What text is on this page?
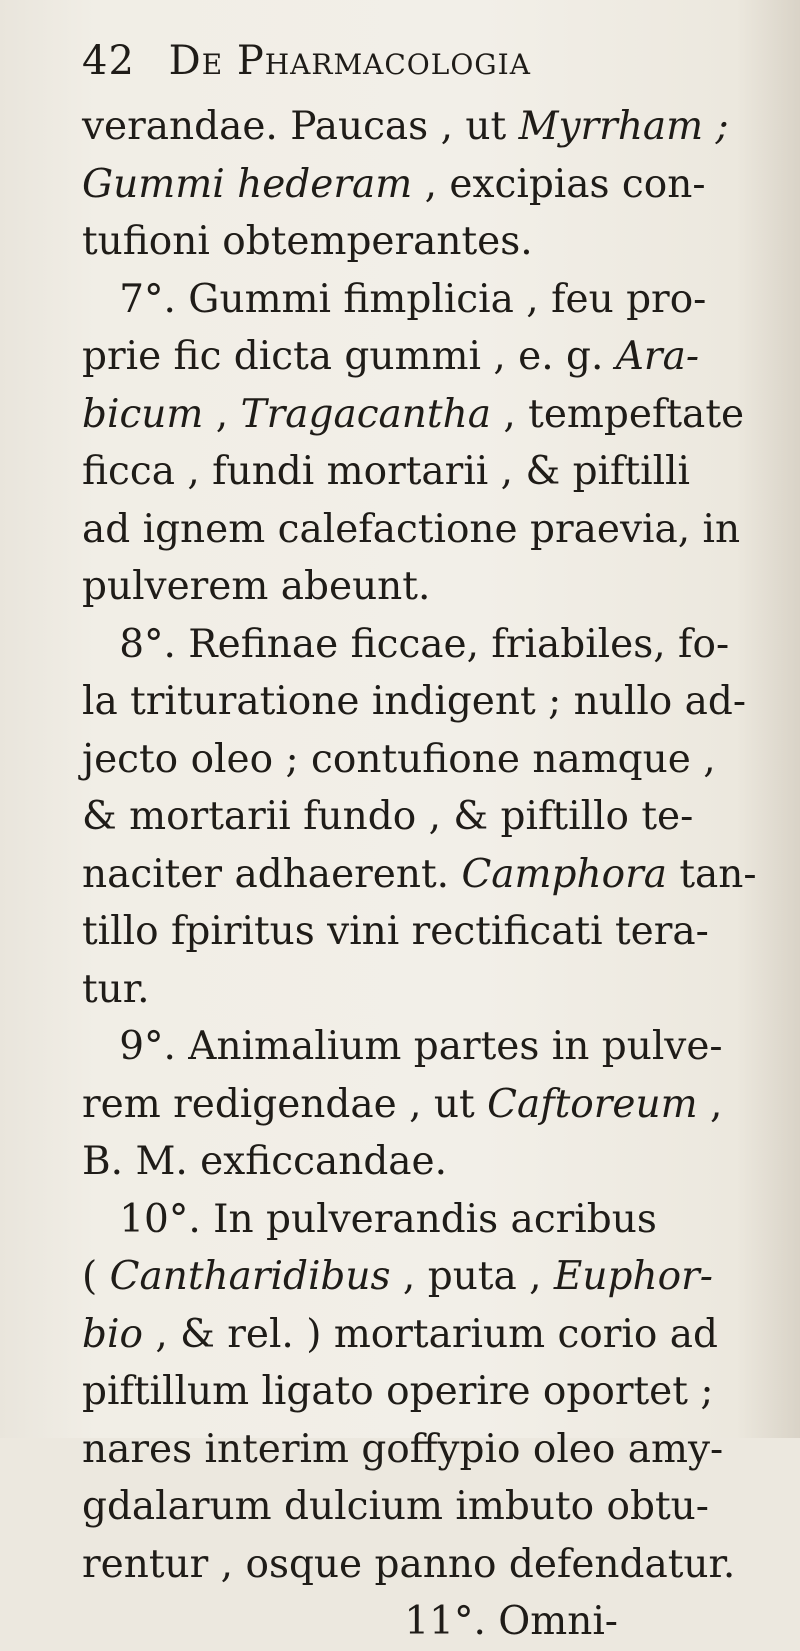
42 De Pharmacologia
verandae. Paucas , ut Myrrham ;
Gummi hederam , excipias con-
tufioni obtemperantes.
7°. Gummi fimplicia , feu pro-
prie fic dicta gummi , e. g. Ara-
bicum , Tragacantha , tempeftate
ficca , fundi mortarii , & piftilli
ad ignem calefactione praevia, in
pulverem abeunt.
8°. Refinae ficcae, friabiles, fo-
la trituratione indigent ; nullo ad-
jecto oleo ; contufione namque ,
& mortarii fundo , & piftillo te-
naciter adhaerent. Camphora tan-
tillo fpiritus vini rectificati tera-
tur.
9°. Animalium partes in pulve-
rem redigendae , ut Caftoreum ,
B. M. exficcandae.
10°. In pulverandis acribus
( Cantharidibus , puta , Euphor-
bio , & rel. ) mortarium corio ad
piftillum ligato operire oportet ;
nares interim goffypio oleo amy-
gdalarum dulcium imbuto obtu-
rentur , osque panno defendatur.
11°. Omni-
